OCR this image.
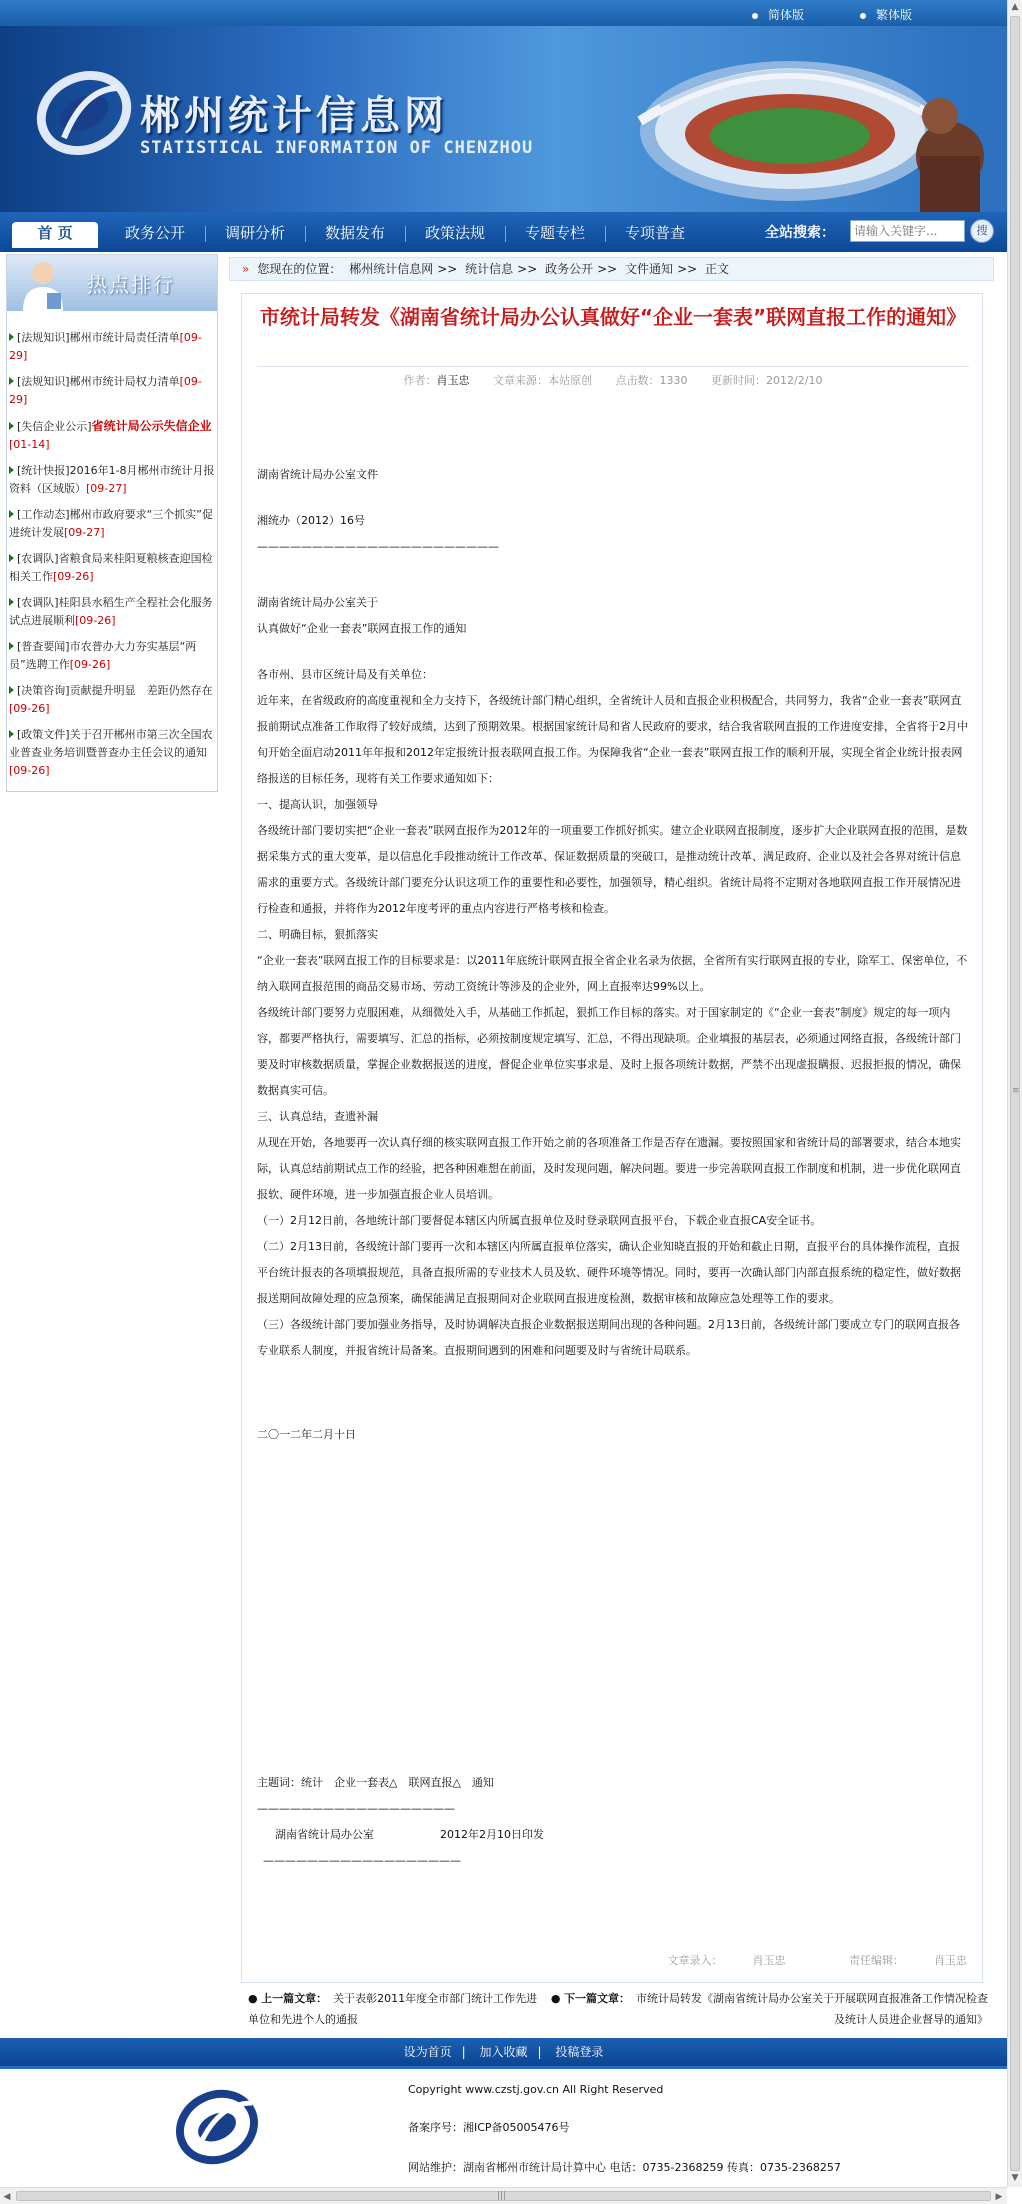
简体版	繁体版
郴州统计信息网
STATISTICAL INFORMATION OF CHENZHOU
首 页	政务公开	调研分析	数据发布	政策法规	专题专栏	专项普查	全站搜索：
请输入关键字...	搜
热点排行
[法规知识]郴州市统计局责任清单[09-29]
[法规知识]郴州市统计局权力清单[09-29]
[失信企业公示]省统计局公示失信企业[01-14]
[统计快报]2016年1-8月郴州市统计月报资料（区域版）[09-27]
[工作动态]郴州市政府要求“三个抓实”促进统计发展[09-27]
[农调队]省粮食局来桂阳夏粮核查迎国检相关工作[09-26]
[农调队]桂阳县水稻生产全程社会化服务试点进展顺利[09-26]
[普查要闻]市农普办大力夯实基层“两员”选聘工作[09-26]
[决策咨询]贡献提升明显　差距仍然存在[09-26]
[政策文件]关于召开郴州市第三次全国农业普查业务培训暨普查办主任会议的通知[09-26]
» 您现在的位置： 郴州统计信息网 >> 统计信息 >> 政务公开 >> 文件通知 >> 正文
市统计局转发《湖南省统计局办公认真做好“企业一套表”联网直报工作的通知》
作者：肖玉忠 文章来源：本站原创 点击数：1330 更新时间：2012/2/10

湖南省统计局办公室文件

湘统办（2012）16号

——————————————————————

湖南省统计局办公室关于

认真做好“企业一套表”联网直报工作的通知

各市州、县市区统计局及有关单位：

近年来，在省级政府的高度重视和全力支持下，各级统计部门精心组织，全省统计人员和直报企业积极配合，共同努力，我省“企业一套表”联网直报前期试点准备工作取得了较好成绩，达到了预期效果。根据国家统计局和省人民政府的要求，结合我省联网直报的工作进度安排，全省将于2月中旬开始全面启动2011年年报和2012年定报统计报表联网直报工作。为保障我省“企业一套表”联网直报工作的顺利开展，实现全省企业统计报表网络报送的目标任务，现将有关工作要求通知如下：

一、提高认识，加强领导

各级统计部门要切实把“企业一套表”联网直报作为2012年的一项重要工作抓好抓实。建立企业联网直报制度，逐步扩大企业联网直报的范围，是数据采集方式的重大变革，是以信息化手段推动统计工作改革、保证数据质量的突破口，是推动统计改革、满足政府、企业以及社会各界对统计信息需求的重要方式。各级统计部门要充分认识这项工作的重要性和必要性，加强领导，精心组织。省统计局将不定期对各地联网直报工作开展情况进行检查和通报，并将作为2012年度考评的重点内容进行严格考核和检查。

二、明确目标，狠抓落实

“企业一套表”联网直报工作的目标要求是：以2011年底统计联网直报全省企业名录为依据，全省所有实行联网直报的专业，除军工、保密单位，不纳入联网直报范围的商品交易市场、劳动工资统计等涉及的企业外，网上直报率达99%以上。

各级统计部门要努力克服困难，从细微处入手，从基础工作抓起，狠抓工作目标的落实。对于国家制定的《“企业一套表”制度》规定的每一项内容，都要严格执行，需要填写、汇总的指标，必须按制度规定填写、汇总，不得出现缺项。企业填报的基层表，必须通过网络直报，各级统计部门要及时审核数据质量，掌握企业数据报送的进度，督促企业单位实事求是、及时上报各项统计数据，严禁不出现虚报瞒报、迟报拒报的情况，确保数据真实可信。

三、认真总结，查遗补漏

从现在开始，各地要再一次认真仔细的核实联网直报工作开始之前的各项准备工作是否存在遗漏。要按照国家和省统计局的部署要求，结合本地实际，认真总结前期试点工作的经验，把各种困难想在前面，及时发现问题，解决问题。要进一步完善联网直报工作制度和机制，进一步优化联网直报软、硬件环境，进一步加强直报企业人员培训。

（一）2月12日前，各地统计部门要督促本辖区内所属直报单位及时登录联网直报平台，下载企业直报CA安全证书。

（二）2月13日前，各级统计部门要再一次和本辖区内所属直报单位落实，确认企业知晓直报的开始和截止日期，直报平台的具体操作流程，直报平台统计报表的各项填报规范，具备直报所需的专业技术人员及软、硬件环境等情况。同时，要再一次确认部门内部直报系统的稳定性，做好数据报送期间故障处理的应急预案，确保能满足直报期间对企业联网直报进度检测，数据审核和故障应急处理等工作的要求。

（三）各级统计部门要加强业务指导，及时协调解决直报企业数据报送期间出现的各种问题。2月13日前，各级统计部门要成立专门的联网直报各专业联系人制度，并报省统计局备案。直报期间遇到的困难和问题要及时与省统计局联系。

二〇一二年二月十日

主题词：统计　企业一套表△　联网直报△　通知

——————————————————

湖南省统计局办公室　　　　　　2012年2月10日印发

——————————————————

文章录入：	肖玉忠	责任编辑：	肖玉忠
● 上一篇文章： 关于表彰2011年度全市部门统计工作先进单位和先进个人的通报
● 下一篇文章： 市统计局转发《湖南省统计局办公室关于开展联网直报准备工作情况检查及统计人员进企业督导的通知》
设为首页 | 加入收藏 | 投稿登录
Copyright www.czstj.gov.cn All Right Reserved
备案序号：湘ICP备05005476号
网站维护：湖南省郴州市统计局计算中心 电话：0735-2368259 传真：0735-2368257
▲
≡
▼
◀	|||	▶
